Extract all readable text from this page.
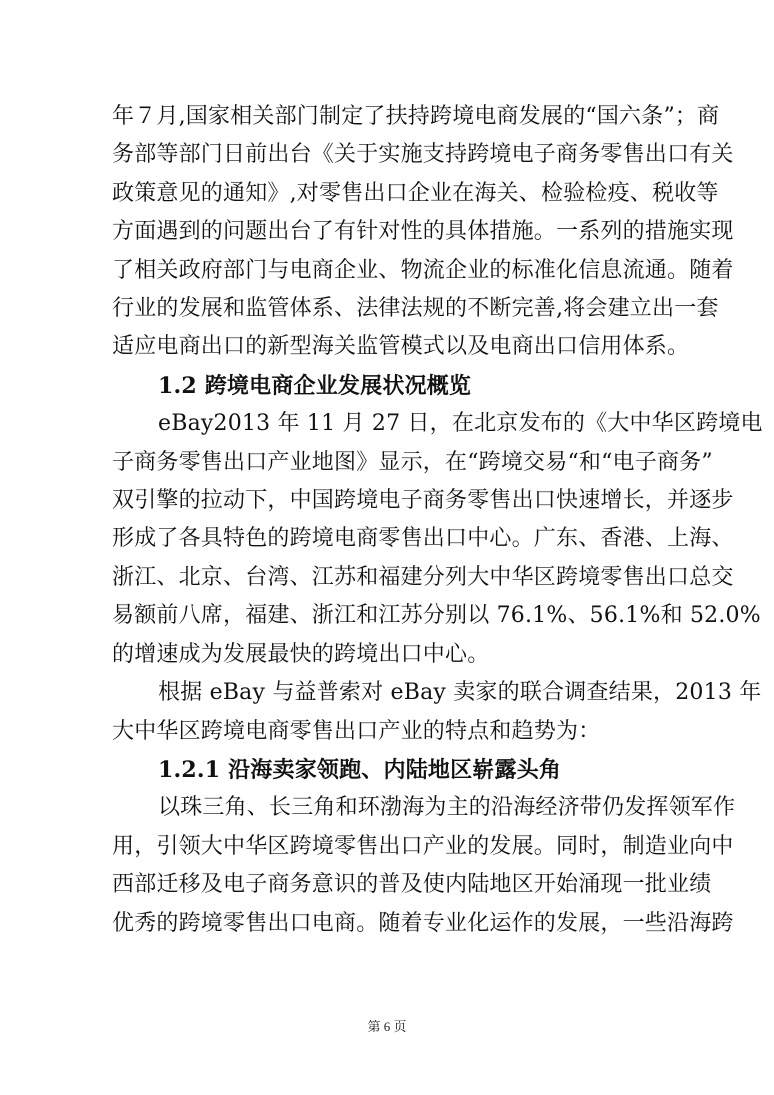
年７月,国家相关部门制定了扶持跨境电商发展的“国六条”；商
务部等部门日前出台《关于实施支持跨境电子商务零售出口有关
政策意见的通知》,对零售出口企业在海关、检验检疫、税收等
方面遇到的问题出台了有针对性的具体措施。一系列的措施实现
了相关政府部门与电商企业、物流企业的标准化信息流通。随着
行业的发展和监管体系、法律法规的不断完善,将会建立出一套
适应电商出口的新型海关监管模式以及电商出口信用体系。
1.2 跨境电商企业发展状况概览
eBay2013 年 11 月 27 日，在北京发布的《大中华区跨境电
子商务零售出口产业地图》显示，在“跨境交易“和“电子商务”
双引擎的拉动下，中国跨境电子商务零售出口快速增长，并逐步
形成了各具特色的跨境电商零售出口中心。广东、香港、上海、
浙江、北京、台湾、江苏和福建分列大中华区跨境零售出口总交
易额前八席，福建、浙江和江苏分别以 76.1%、56.1%和 52.0%
的增速成为发展最快的跨境出口中心。
根据 eBay 与益普索对 eBay 卖家的联合调查结果，2013 年
大中华区跨境电商零售出口产业的特点和趋势为：
1.2.1 沿海卖家领跑、内陆地区崭露头角
以珠三角、长三角和环渤海为主的沿海经济带仍发挥领军作
用，引领大中华区跨境零售出口产业的发展。同时，制造业向中
西部迁移及电子商务意识的普及使内陆地区开始涌现一批业绩
优秀的跨境零售出口电商。随着专业化运作的发展，一些沿海跨
第 6 页
